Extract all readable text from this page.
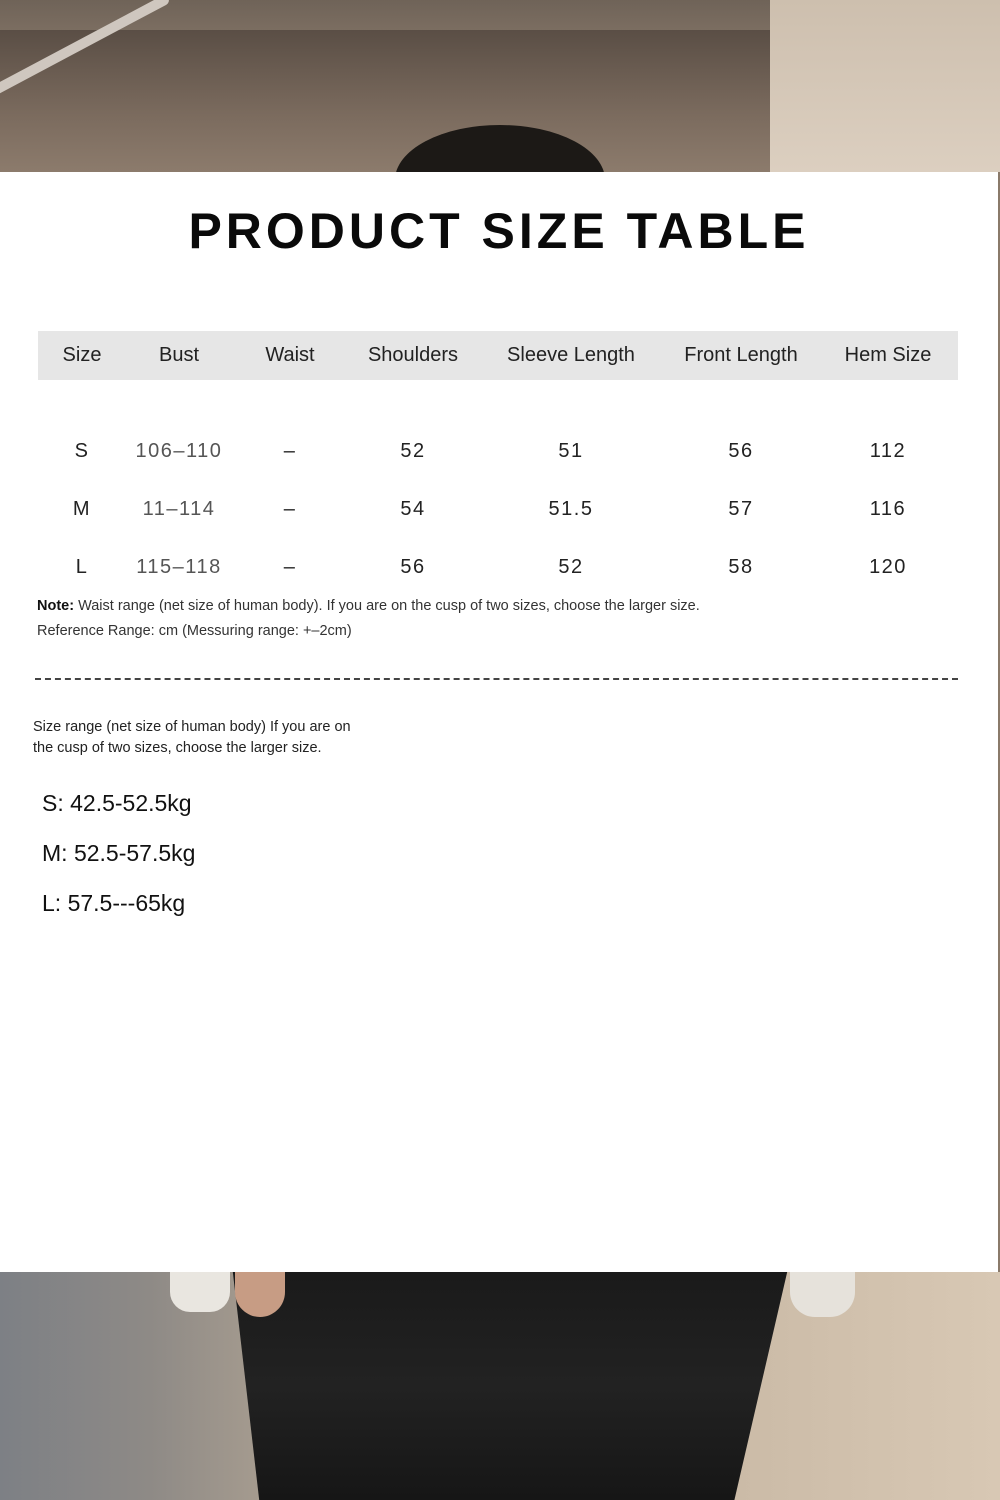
PRODUCT SIZE TABLE
Size	Bust	Waist	Shoulders	Sleeve Length	Front Length	Hem Size
S	106–110	–	52	51	56	112
M	11–114	–	54	51.5	57	116
L	115–118	–	56	52	58	120
Note: Waist range (net size of human body). If you are on the cusp of two sizes, choose the larger size.
Reference Range: cm (Messuring range: +–2cm)
Size range (net size of human body) If you are on the cusp of two sizes, choose the larger size.
S: 42.5-52.5kg
M: 52.5-57.5kg
L: 57.5---65kg
